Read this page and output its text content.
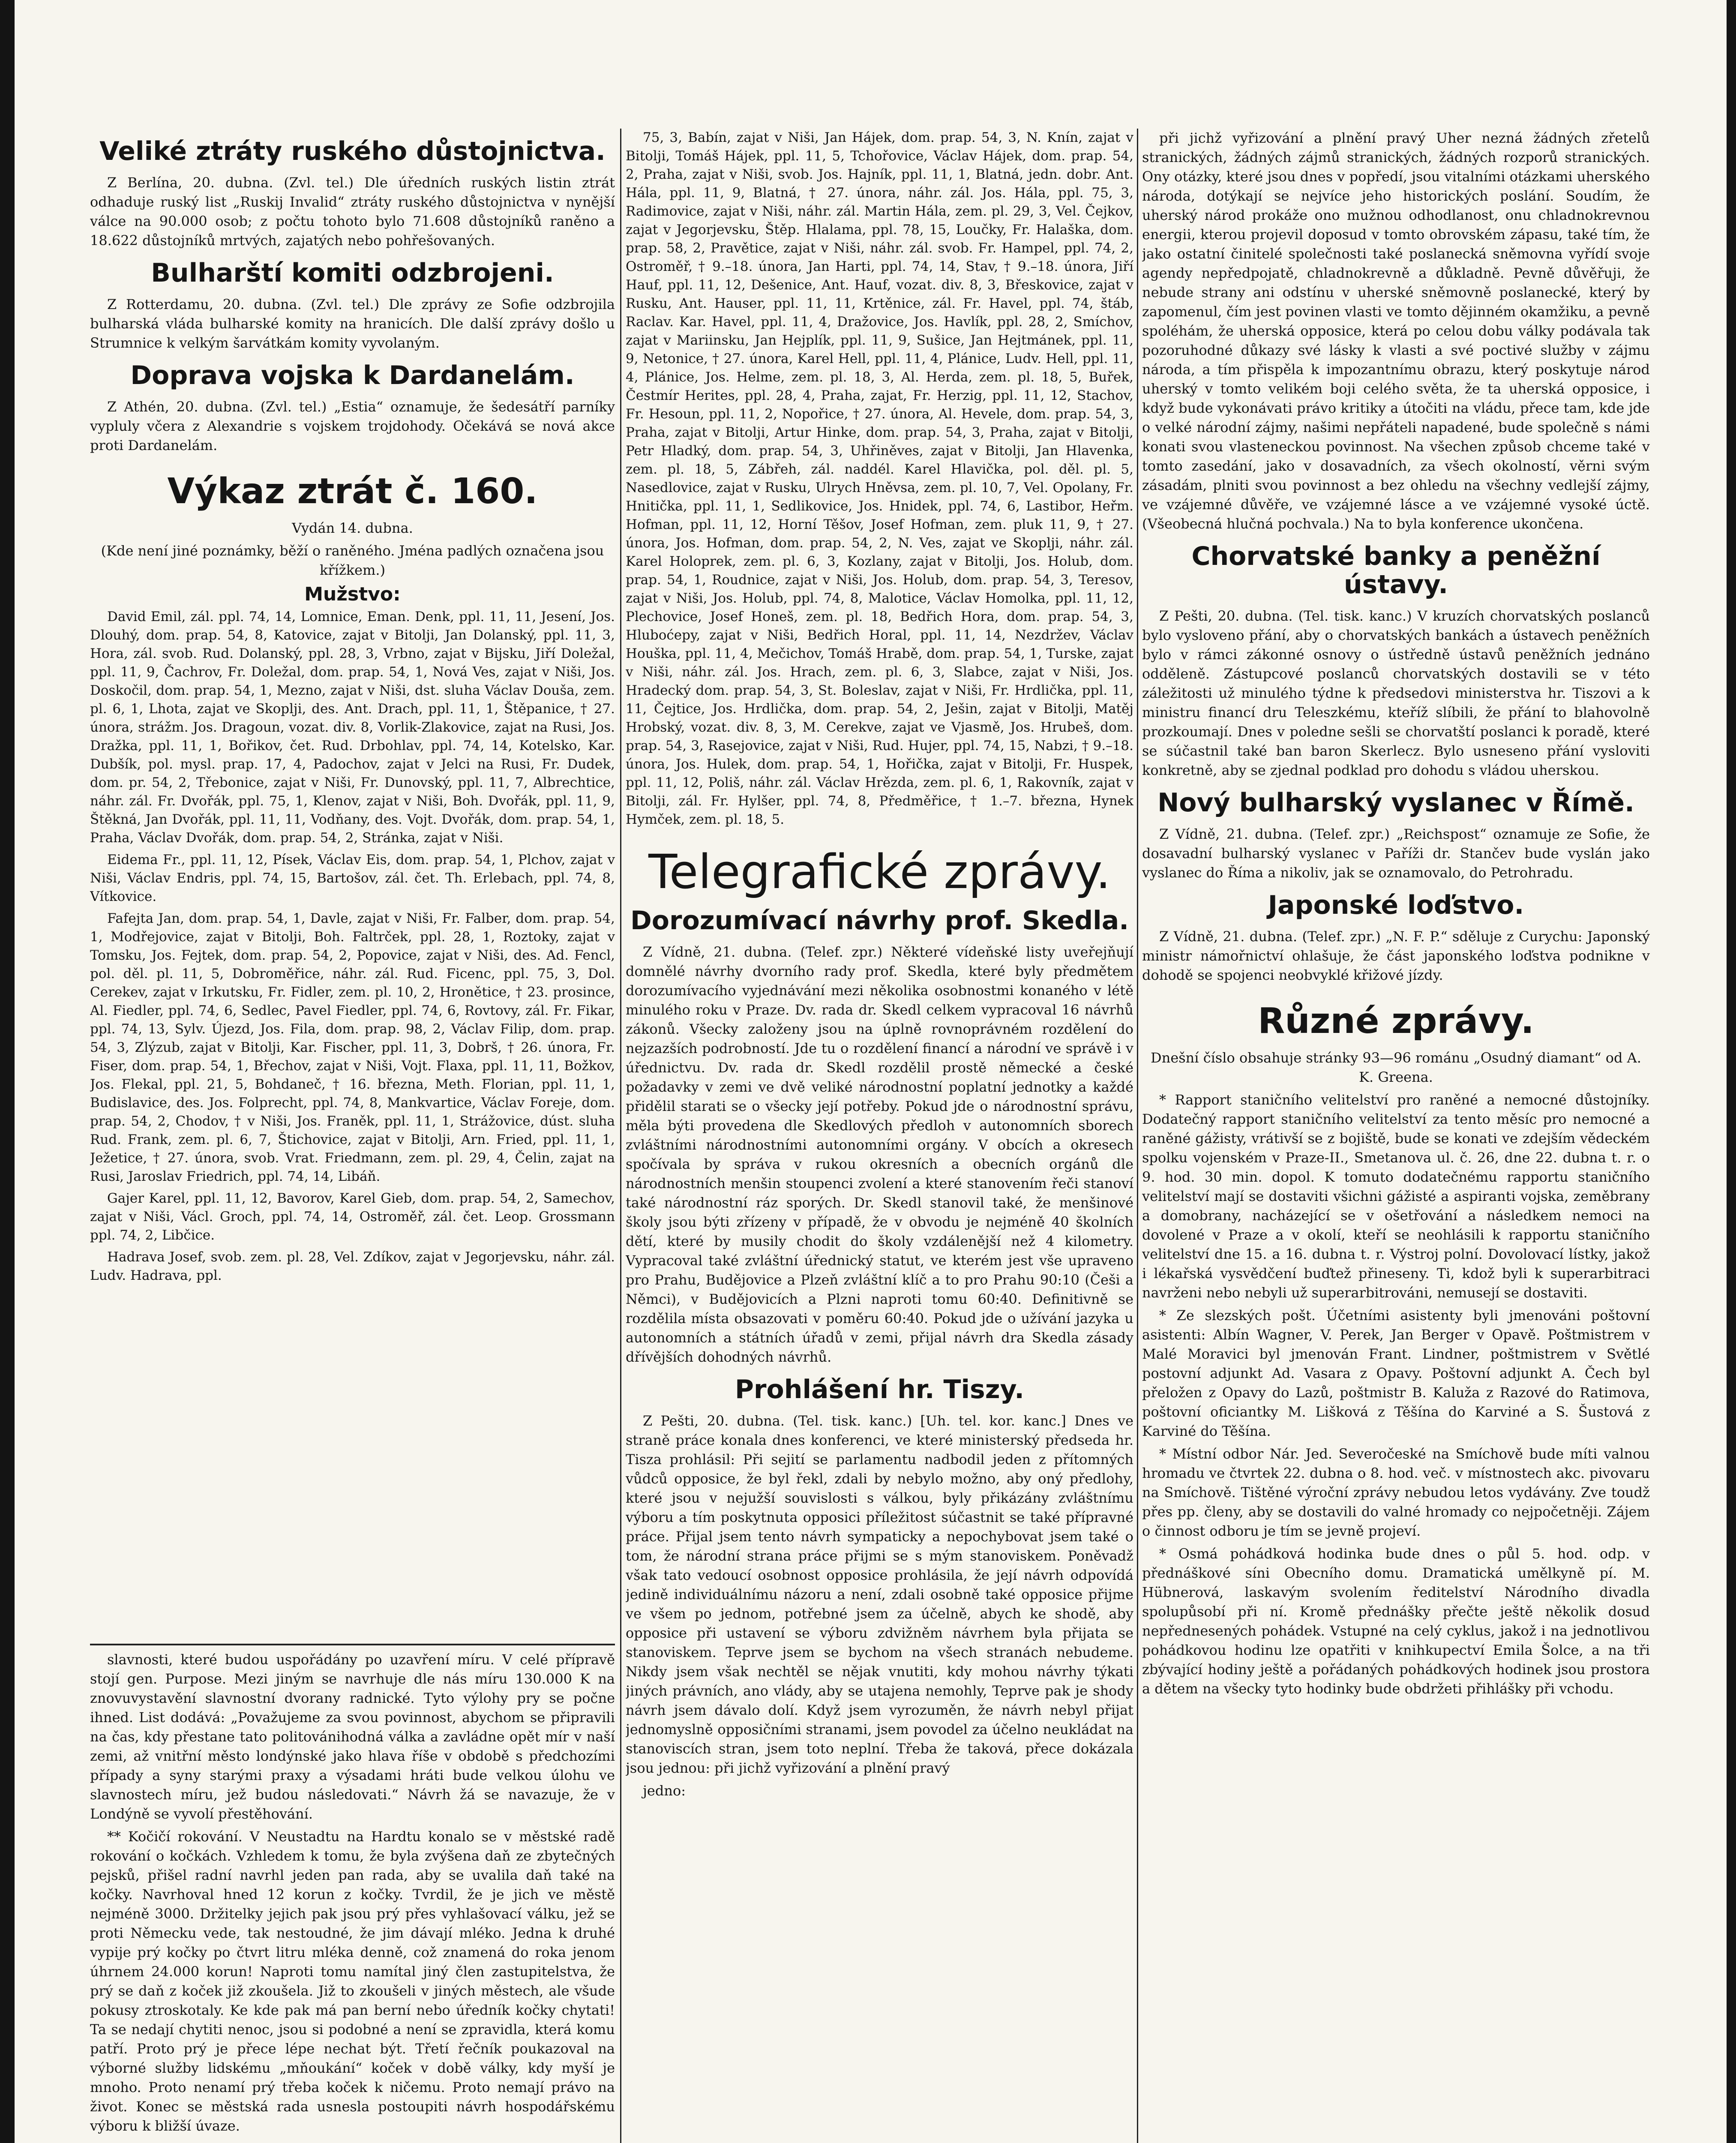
Veliké ztráty ruského důstojnictva.

Z Berlína, 20. dubna. (Zvl. tel.) Dle úředních ruských listin ztrát odhaduje ruský list „Ruskij Invalid“ ztráty ruského důstojnictva v nynější válce na 90.000 osob; z počtu tohoto bylo 71.608 důstojníků raněno a 18.622 důstojníků mrtvých, zajatých nebo pohřešovaných.

Bulharští komiti odzbrojeni.

Z Rotterdamu, 20. dubna. (Zvl. tel.) Dle zprávy ze Sofie odzbrojila bulharská vláda bulharské komity na hranicích. Dle další zprávy došlo u Strumnice k velkým šarvátkám komity vyvolaným.

Doprava vojska k Dardanelám.

Z Athén, 20. dubna. (Zvl. tel.) „Estia“ oznamuje, že šedesátří parníky vypluly včera z Alexandrie s vojskem trojdohody. Očekává se nová akce proti Dardanelám.

Výkaz ztrát č. 160.

Vydán 14. dubna.

(Kde není jiné poznámky, běží o raněného. Jména padlých označena jsou křížkem.)

Mužstvo:

David Emil, zál. ppl. 74, 14, Lomnice, Eman. Denk, ppl. 11, 11, Jesení, Jos. Dlouhý, dom. prap. 54, 8, Katovice, zajat v Bitolji, Jan Dolanský, ppl. 11, 3, Hora, zál. svob. Rud. Dolanský, ppl. 28, 3, Vrbno, zajat v Bijsku, Jiří Doležal, ppl. 11, 9, Čachrov, Fr. Doležal, dom. prap. 54, 1, Nová Ves, zajat v Niši, Jos. Doskočil, dom. prap. 54, 1, Mezno, zajat v Niši, dst. sluha Václav Douša, zem. pl. 6, 1, Lhota, zajat ve Skoplji, des. Ant. Drach, ppl. 11, 1, Štěpanice, † 27. února, strážm. Jos. Dragoun, vozat. div. 8, Vorlik-Zlakovice, zajat na Rusi, Jos. Dražka, ppl. 11, 1, Bořikov, čet. Rud. Drbohlav, ppl. 74, 14, Kotelsko, Kar. Dubšík, pol. mysl. prap. 17, 4, Padochov, zajat v Jelci na Rusi, Fr. Dudek, dom. pr. 54, 2, Třebonice, zajat v Niši, Fr. Dunovský, ppl. 11, 7, Albrechtice, náhr. zál. Fr. Dvořák, ppl. 75, 1, Klenov, zajat v Niši, Boh. Dvořák, ppl. 11, 9, Štěkná, Jan Dvořák, ppl. 11, 11, Vodňany, des. Vojt. Dvořák, dom. prap. 54, 1, Praha, Václav Dvořák, dom. prap. 54, 2, Stránka, zajat v Niši.

Eidema Fr., ppl. 11, 12, Písek, Václav Eis, dom. prap. 54, 1, Plchov, zajat v Niši, Václav Endris, ppl. 74, 15, Bartošov, zál. čet. Th. Erlebach, ppl. 74, 8, Vítkovice.

Fafejta Jan, dom. prap. 54, 1, Davle, zajat v Niši, Fr. Falber, dom. prap. 54, 1, Modřejovice, zajat v Bitolji, Boh. Faltrček, ppl. 28, 1, Roztoky, zajat v Tomsku, Jos. Fejtek, dom. prap. 54, 2, Popovice, zajat v Niši, des. Ad. Fencl, pol. děl. pl. 11, 5, Dobroměřice, náhr. zál. Rud. Ficenc, ppl. 75, 3, Dol. Cerekev, zajat v Irkutsku, Fr. Fidler, zem. pl. 10, 2, Hronětice, † 23. prosince, Al. Fiedler, ppl. 74, 6, Sedlec, Pavel Fiedler, ppl. 74, 6, Rovtovy, zál. Fr. Fikar, ppl. 74, 13, Sylv. Újezd, Jos. Fila, dom. prap. 98, 2, Václav Filip, dom. prap. 54, 3, Zlýzub, zajat v Bitolji, Kar. Fischer, ppl. 11, 3, Dobrš, † 26. února, Fr. Fiser, dom. prap. 54, 1, Břechov, zajat v Niši, Vojt. Flaxa, ppl. 11, 11, Božkov, Jos. Flekal, ppl. 21, 5, Bohdaneč, † 16. března, Meth. Florian, ppl. 11, 1, Budislavice, des. Jos. Folprecht, ppl. 74, 8, Mankvartice, Václav Foreje, dom. prap. 54, 2, Chodov, † v Niši, Jos. Franěk, ppl. 11, 1, Strážovice, dúst. sluha Rud. Frank, zem. pl. 6, 7, Štichovice, zajat v Bitolji, Arn. Fried, ppl. 11, 1, Ježetice, † 27. února, svob. Vrat. Friedmann, zem. pl. 29, 4, Čelin, zajat na Rusi, Jaroslav Friedrich, ppl. 74, 14, Libáň.

Gajer Karel, ppl. 11, 12, Bavorov, Karel Gieb, dom. prap. 54, 2, Samechov, zajat v Niši, Václ. Groch, ppl. 74, 14, Ostroměř, zál. čet. Leop. Grossmann ppl. 74, 2, Libčice.

Hadrava Josef, svob. zem. pl. 28, Vel. Zdíkov, zajat v Jegorjevsku, náhr. zál. Ludv. Hadrava, ppl.

slavnosti, které budou uspořádány po uzavření míru. V celé přípravě stojí gen. Purpose. Mezi jiným se navrhuje dle nás míru 130.000 K na znovuvystavění slavnostní dvorany radnické. Tyto výlohy pry se počne ihned. List dodává: „Považujeme za svou povinnost, abychom se připravili na čas, kdy přestane tato politovánihodná válka a zavládne opět mír v naší zemi, až vnitřní město londýnské jako hlava říše v obdobě s předchozími případy a syny starými praxy a výsadami hráti bude velkou úlohu ve slavnostech míru, jež budou následovati.“ Návrh žá se navazuje, že v Londýně se vyvolí přestěhování.

** Kočičí rokování. V Neustadtu na Hardtu konalo se v městské radě rokování o kočkách. Vzhledem k tomu, že byla zvýšena daň ze zbytečných pejsků, přišel radní navrhl jeden pan rada, aby se uvalila daň také na kočky. Navrhoval hned 12 korun z kočky. Tvrdil, že je jich ve městě nejméně 3000. Držitelky jejich pak jsou prý přes vyhlašovací válku, jež se proti Německu vede, tak nestoudné, že jim dávají mléko. Jedna k druhé vypije prý kočky po čtvrt litru mléka denně, což znamená do roka jenom úhrnem 24.000 korun! Naproti tomu namítal jiný člen zastupitelstva, že prý se daň z koček již zkoušela. Již to zkoušeli v jiných městech, ale všude pokusy ztroskotaly. Ke kde pak má pan berní nebo úředník kočky chytati! Ta se nedají chytiti nenoc, jsou si podobné a není se zpravidla, která komu patří. Proto prý je přece lépe nechat být. Třetí řečník poukazoval na výborné služby lidskému „mňoukání“ koček v době války, kdy myší je mnoho. Proto nenamí prý třeba koček k ničemu. Proto nemají právo na život. Konec se městská rada usnesla postoupiti návrh hospodářskému výboru k bližší úvaze.

75, 3, Babín, zajat v Niši, Jan Hájek, dom. prap. 54, 3, N. Knín, zajat v Bitolji, Tomáš Hájek, ppl. 11, 5, Tchořovice, Václav Hájek, dom. prap. 54, 2, Praha, zajat v Niši, svob. Jos. Hajník, ppl. 11, 1, Blatná, jedn. dobr. Ant. Hála, ppl. 11, 9, Blatná, † 27. února, náhr. zál. Jos. Hála, ppl. 75, 3, Radimovice, zajat v Niši, náhr. zál. Martin Hála, zem. pl. 29, 3, Vel. Čejkov, zajat v Jegorjevsku, Štěp. Hlalama, ppl. 78, 15, Loučky, Fr. Halaška, dom. prap. 58, 2, Pravětice, zajat v Niši, náhr. zál. svob. Fr. Hampel, ppl. 74, 2, Ostroměř, † 9.–18. února, Jan Harti, ppl. 74, 14, Stav, † 9.–18. února, Jiří Hauf, ppl. 11, 12, Dešenice, Ant. Hauf, vozat. div. 8, 3, Břeskovice, zajat v Rusku, Ant. Hauser, ppl. 11, 11, Krtěnice, zál. Fr. Havel, ppl. 74, štáb, Raclav. Kar. Havel, ppl. 11, 4, Dražovice, Jos. Havlík, ppl. 28, 2, Smíchov, zajat v Mariinsku, Jan Hejplík, ppl. 11, 9, Sušice, Jan Hejtmánek, ppl. 11, 9, Netonice, † 27. února, Karel Hell, ppl. 11, 4, Plánice, Ludv. Hell, ppl. 11, 4, Plánice, Jos. Helme, zem. pl. 18, 3, Al. Herda, zem. pl. 18, 5, Buřek, Čestmír Herites, ppl. 28, 4, Praha, zajat, Fr. Herzig, ppl. 11, 12, Stachov, Fr. Hesoun, ppl. 11, 2, Nopořice, † 27. února, Al. Hevele, dom. prap. 54, 3, Praha, zajat v Bitolji, Artur Hinke, dom. prap. 54, 3, Praha, zajat v Bitolji, Petr Hladký, dom. prap. 54, 3, Uhřiněves, zajat v Bitolji, Jan Hlavenka, zem. pl. 18, 5, Zábřeh, zál. naddél. Karel Hlavička, pol. děl. pl. 5, Nasedlovice, zajat v Rusku, Ulrych Hněvsa, zem. pl. 10, 7, Vel. Opolany, Fr. Hnitička, ppl. 11, 1, Sedlikovice, Jos. Hnidek, ppl. 74, 6, Lastibor, Heřm. Hofman, ppl. 11, 12, Horní Těšov, Josef Hofman, zem. pluk 11, 9, † 27. února, Jos. Hofman, dom. prap. 54, 2, N. Ves, zajat ve Skoplji, náhr. zál. Karel Holoprek, zem. pl. 6, 3, Kozlany, zajat v Bitolji, Jos. Holub, dom. prap. 54, 1, Roudnice, zajat v Niši, Jos. Holub, dom. prap. 54, 3, Teresov, zajat v Niši, Jos. Holub, ppl. 74, 8, Malotice, Václav Homolka, ppl. 11, 12, Plechovice, Josef Honeš, zem. pl. 18, Bedřich Hora, dom. prap. 54, 3, Hluboćepy, zajat v Niši, Bedřich Horal, ppl. 11, 14, Nezdržev, Václav Houška, ppl. 11, 4, Mečichov, Tomáš Hrabě, dom. prap. 54, 1, Turske, zajat v Niši, náhr. zál. Jos. Hrach, zem. pl. 6, 3, Slabce, zajat v Niši, Jos. Hradecký dom. prap. 54, 3, St. Boleslav, zajat v Niši, Fr. Hrdlička, ppl. 11, 11, Čejtice, Jos. Hrdlička, dom. prap. 54, 2, Ješin, zajat v Bitolji, Matěj Hrobský, vozat. div. 8, 3, M. Cerekve, zajat ve Vjasmě, Jos. Hrubeš, dom. prap. 54, 3, Rasejovice, zajat v Niši, Rud. Hujer, ppl. 74, 15, Nabzi, † 9.–18. února, Jos. Hulek, dom. prap. 54, 1, Hořička, zajat v Bitolji, Fr. Huspek, ppl. 11, 12, Poliš, náhr. zál. Václav Hrězda, zem. pl. 6, 1, Rakovník, zajat v Bitolji, zál. Fr. Hylšer, ppl. 74, 8, Předměřice, † 1.–7. března, Hynek Hymček, zem. pl. 18, 5.

Telegrafické zprávy.
Dorozumívací návrhy prof. Skedla.

Z Vídně, 21. dubna. (Telef. zpr.) Některé vídeňské listy uveřejňují domnělé návrhy dvorního rady prof. Skedla, které byly předmětem dorozumívacího vyjednávání mezi několika osobnostmi konaného v létě minulého roku v Praze. Dv. rada dr. Skedl celkem vypracoval 16 návrhů zákonů. Všecky založeny jsou na úplně rovnoprávném rozdělení do nejzazších podrobností. Jde tu o rozdělení financí a národní ve správě i v úřednictvu. Dv. rada dr. Skedl rozdělil prostě německé a české požadavky v zemi ve dvě veliké národnostní poplatní jednotky a každé přidělil starati se o všecky její potřeby. Pokud jde o národnostní správu, měla býti provedena dle Skedlových předloh v autonomních sborech zvláštními národnostními autonomními orgány. V obcích a okresech spočívala by správa v rukou okresních a obecních orgánů dle národnostních menšin stoupenci zvolení a které stanovením řeči stanoví také národnostní ráz sporých. Dr. Skedl stanovil také, že menšinové školy jsou býti zřízeny v případě, že v obvodu je nejméně 40 školních dětí, které by musily chodit do školy vzdálenější než 4 kilometry. Vypracoval také zvláštní úřednický statut, ve kterém jest vše upraveno pro Prahu, Budějovice a Plzeň zvláštní klíč a to pro Prahu 90:10 (Češi a Němci), v Budějovicích a Plzni naproti tomu 60:40. Definitivně se rozdělila místa obsazovati v poměru 60:40. Pokud jde o užívání jazyka u autonomních a státních úřadů v zemi, přijal návrh dra Skedla zásady dřívějších dohodných návrhů.

Prohlášení hr. Tiszy.

Z Pešti, 20. dubna. (Tel. tisk. kanc.) [Uh. tel. kor. kanc.] Dnes ve straně práce konala dnes konferenci, ve které ministerský předseda hr. Tisza prohlásil: Při sejití se parlamentu nadbodil jeden z přítomných vůdců opposice, že byl řekl, zdali by nebylo možno, aby oný předlohy, které jsou v nejužší souvislosti s válkou, byly přikázány zvláštnímu výboru a tím poskytnuta opposici příležitost súčastnit se také přípravné práce. Přijal jsem tento návrh sympaticky a nepochybovat jsem také o tom, že národní strana práce přijmi se s mým stanoviskem. Poněvadž však tato vedoucí osobnost opposice prohlásila, že její návrh odpovídá jedině individuálnímu názoru a není, zdali osobně také opposice přijme ve všem po jednom, potřebné jsem za účelně, abych ke shodě, aby opposice při ustavení se výboru zdvižněm návrhem byla přijata se stanoviskem. Teprve jsem se bychom na všech stranách nebudeme. Nikdy jsem však nechtěl se nějak vnutiti, kdy mohou návrhy týkati jiných právních, ano vlády, aby se utajena nemohly, Teprve pak je shody návrh jsem dávalo dolí. Když jsem vyrozuměn, že návrh nebyl přijat jednomyslně opposičními stranami, jsem povodel za účelno neukládat na stanoviscích stran, jsem toto neplní. Třeba že taková, přece dokázala jsou jednou: při jichž vyřizování a plnění pravý

jedno:

při jichž vyřizování a plnění pravý Uher nezná žádných zřetelů stranických, žádných zájmů stranických, žádných rozporů stranických. Ony otázky, které jsou dnes v popředí, jsou vitalními otázkami uherského národa, dotýkají se nejvíce jeho historických poslání. Soudím, že uherský národ prokáže ono mužnou odhodlanost, onu chladnokrevnou energii, kterou projevil doposud v tomto obrovském zápasu, také tím, že jako ostatní činitelé společnosti také poslanecká sněmovna vyřídí svoje agendy nepředpojatě, chladnokrevně a důkladně. Pevně důvěřuji, že nebude strany ani odstínu v uherské sněmovně poslanecké, který by zapomenul, čím jest povinen vlasti ve tomto dějinném okamžiku, a pevně spoléhám, že uherská opposice, která po celou dobu války podávala tak pozoruhodné důkazy své lásky k vlasti a své poctivé služby v zájmu národa, a tím přispěla k impozantnímu obrazu, který poskytuje národ uherský v tomto velikém boji celého světa, že ta uherská opposice, i když bude vykonávati právo kritiky a útočiti na vládu, přece tam, kde jde o velké národní zájmy, našimi nepřáteli napadené, bude společně s námi konati svou vlasteneckou povinnost. Na všechen způsob chceme také v tomto zasedání, jako v dosavadních, za všech okolností, věrni svým zásadám, plniti svou povinnost a bez ohledu na všechny vedlejší zájmy, ve vzájemné důvěře, ve vzájemné lásce a ve vzájemné vysoké úctě. (Všeobecná hlučná pochvala.) Na to byla konference ukončena.

Chorvatské banky a peněžní ústavy.

Z Pešti, 20. dubna. (Tel. tisk. kanc.) V kruzích chorvatských poslanců bylo vysloveno přání, aby o chorvatských bankách a ústavech peněžních bylo v rámci zákonné osnovy o ústředně ústavů peněžních jednáno odděleně. Zástupcové poslanců chorvatských dostavili se v této záležitosti už minulého týdne k předsedovi ministerstva hr. Tiszovi a k ministru financí dru Teleszkému, kteříž slíbili, že přání to blahovolně prozkoumají. Dnes v poledne sešli se chorvatští poslanci k poradě, které se súčastnil také ban baron Skerlecz. Bylo usneseno přání vysloviti konkretně, aby se zjednal podklad pro dohodu s vládou uherskou.

Nový bulharský vyslanec v Římě.

Z Vídně, 21. dubna. (Telef. zpr.) „Reichspost“ oznamuje ze Sofie, že dosavadní bulharský vyslanec v Paříži dr. Stančev bude vyslán jako vyslanec do Říma a nikoliv, jak se oznamovalo, do Petrohradu.

Japonské loďstvo.

Z Vídně, 21. dubna. (Telef. zpr.) „N. F. P.“ sděluje z Curychu: Japonský ministr námořnictví ohlašuje, že část japonského loďstva podnikne v dohodě se spojenci neobvyklé křižové jízdy.

Různé zprávy.

Dnešní číslo obsahuje stránky 93—96 románu „Osudný diamant“ od A. K. Greena.

* Rapport staničního velitelství pro raněné a nemocné důstojníky. Dodatečný rapport staničního velitelství za tento měsíc pro nemocné a raněné gážisty, vrátivší se z bojiště, bude se konati ve zdejším vědeckém spolku vojenském v Praze-II., Smetanova ul. č. 26, dne 22. dubna t. r. o 9. hod. 30 min. dopol. K tomuto dodatečnému rapportu staničního velitelství mají se dostaviti všichni gážisté a aspiranti vojska, zeměbrany a domobrany, nacházející se v ošetřování a následkem nemoci na dovolené v Praze a v okolí, kteří se neohlásili k rapportu staničního velitelství dne 15. a 16. dubna t. r. Výstroj polní. Dovolovací lístky, jakož i lékařská vysvědčení buďtež přineseny. Ti, kdož byli k superarbitraci navrženi nebo nebyli už superarbitrováni, nemusejí se dostaviti.

* Ze slezských pošt. Účetními asistenty byli jmenováni poštovní asistenti: Albín Wagner, V. Perek, Jan Berger v Opavě. Poštmistrem v Malé Moravici byl jmenován Frant. Lindner, poštmistrem v Světlé postovní adjunkt Ad. Vasara z Opavy. Poštovní adjunkt A. Čech byl přeložen z Opavy do Lazů, poštmistr B. Kaluža z Razové do Ratimova, poštovní oficiantky M. Lišková z Těšína do Karviné a S. Šustová z Karviné do Těšína.

* Místní odbor Nár. Jed. Severočeské na Smíchově bude míti valnou hromadu ve čtvrtek 22. dubna o 8. hod. več. v místnostech akc. pivovaru na Smíchově. Tištěné výroční zprávy nebudou letos vydávány. Zve toudž přes pp. členy, aby se dostavili do valné hromady co nejpočetněji. Zájem o činnost odboru je tím se jevně projeví.

* Osmá pohádková hodinka bude dnes o půl 5. hod. odp. v přednáškové síni Obecního domu. Dramatická umělkyně pí. M. Hübnerová, laskavým svolením ředitelství Národního divadla spolupůsobí při ní. Kromě přednášky přečte ještě několik dosud nepřednesených pohádek. Vstupné na celý cyklus, jakož i na jednotlivou pohádkovou hodinu lze opatřiti v knihkupectví Emila Šolce, a na tři zbývající hodiny ještě a pořádaných pohádkových hodinek jsou prostora a dětem na všecky tyto hodinky bude obdržeti přihlášky při vchodu.
